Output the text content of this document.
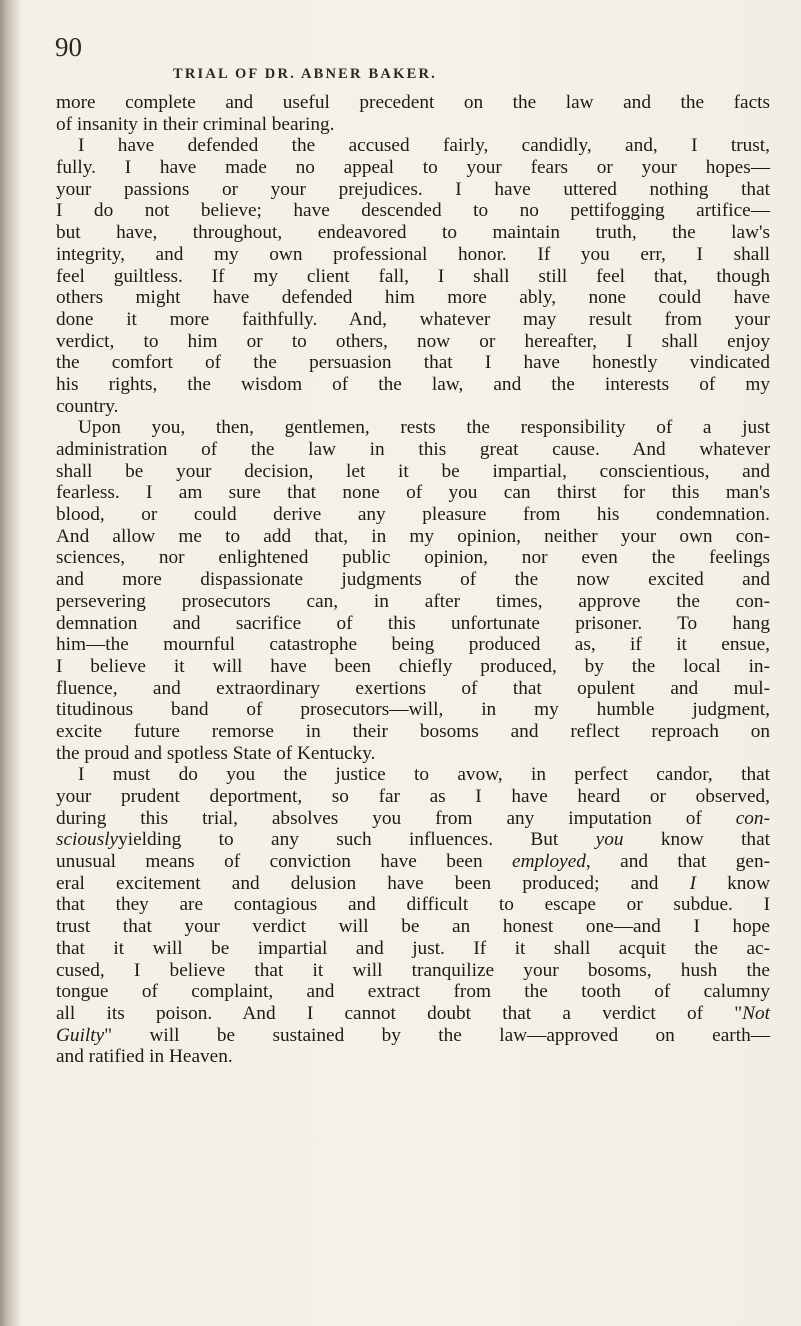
90
TRIAL OF DR. ABNER BAKER.
more complete and useful precedent on the law and the facts
of insanity in their criminal bearing.
I have defended the accused fairly, candidly, and, I trust,
fully. I have made no appeal to your fears or your hopes—
your passions or your prejudices. I have uttered nothing that
I do not believe; have descended to no pettifogging artifice—
but have, throughout, endeavored to maintain truth, the law's
integrity, and my own professional honor. If you err, I shall
feel guiltless. If my client fall, I shall still feel that, though
others might have defended him more ably, none could have
done it more faithfully. And, whatever may result from your
verdict, to him or to others, now or hereafter, I shall enjoy
the comfort of the persuasion that I have honestly vindicated
his rights, the wisdom of the law, and the interests of my
country.
Upon you, then, gentlemen, rests the responsibility of a just
administration of the law in this great cause. And whatever
shall be your decision, let it be impartial, conscientious, and
fearless. I am sure that none of you can thirst for this man's
blood, or could derive any pleasure from his condemnation.
And allow me to add that, in my opinion, neither your own con-
sciences, nor enlightened public opinion, nor even the feelings
and more dispassionate judgments of the now excited and
persevering prosecutors can, in after times, approve the con-
demnation and sacrifice of this unfortunate prisoner. To hang
him—the mournful catastrophe being produced as, if it ensue,
I believe it will have been chiefly produced, by the local in-
fluence, and extraordinary exertions of that opulent and mul-
titudinous band of prosecutors—will, in my humble judgment,
excite future remorse in their bosoms and reflect reproach on
the proud and spotless State of Kentucky.
I must do you the justice to avow, in perfect candor, that
your prudent deportment, so far as I have heard or observed,
during this trial, absolves you from any imputation of con-
sciouslyyielding to any such influences. But you know that
unusual means of conviction have been employed, and that gen-
eral excitement and delusion have been produced; and I know
that they are contagious and difficult to escape or subdue. I
trust that your verdict will be an honest one—and I hope
that it will be impartial and just. If it shall acquit the ac-
cused, I believe that it will tranquilize your bosoms, hush the
tongue of complaint, and extract from the tooth of calumny
all its poison. And I cannot doubt that a verdict of "Not
Guilty" will be sustained by the law—approved on earth—
and ratified in Heaven.
